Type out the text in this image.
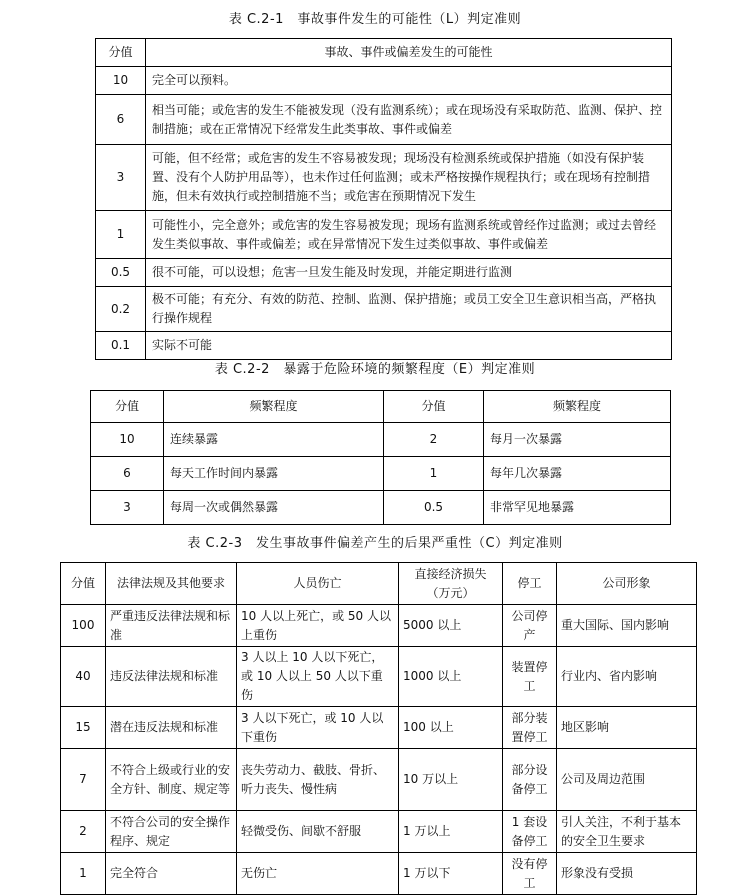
表 C.2-1　事故事件发生的可能性（L）判定准则
分值	事故、事件或偏差发生的可能性
10	完全可以预料。
6	相当可能；或危害的发生不能被发现（没有监测系统）；或在现场没有采取防范、监测、保护、控制措施；或在正常情况下经常发生此类事故、事件或偏差
3	可能，但不经常；或危害的发生不容易被发现；现场没有检测系统或保护措施（如没有保护装置、没有个人防护用品等），也未作过任何监测；或未严格按操作规程执行；或在现场有控制措施，但未有效执行或控制措施不当；或危害在预期情况下发生
1	可能性小，完全意外；或危害的发生容易被发现；现场有监测系统或曾经作过监测；或过去曾经发生类似事故、事件或偏差；或在异常情况下发生过类似事故、事件或偏差
0.5	很不可能，可以设想；危害一旦发生能及时发现，并能定期进行监测
0.2	极不可能；有充分、有效的防范、控制、监测、保护措施；或员工安全卫生意识相当高，严格执行操作规程
0.1	实际不可能
表 C.2-2　暴露于危险环境的频繁程度（E）判定准则
分值	频繁程度	分值	频繁程度
10	连续暴露	2	每月一次暴露
6	每天工作时间内暴露	1	每年几次暴露
3	每周一次或偶然暴露	0.5	非常罕见地暴露
表 C.2-3　发生事故事件偏差产生的后果严重性（C）判定准则
分值	法律法规及其他要求	人员伤亡	直接经济损失（万元）	停工	公司形象
100	严重违反法律法规和标准	10 人以上死亡，或 50 人以上重伤	5000 以上	公司停产	重大国际、国内影响
40	违反法律法规和标准	3 人以上 10 人以下死亡，或 10 人以上 50 人以下重伤	1000 以上	装置停工	行业内、省内影响
15	潜在违反法规和标准	3 人以下死亡，或 10 人以下重伤	100 以上	部分装置停工	地区影响
7	不符合上级或行业的安全方针、制度、规定等	丧失劳动力、截肢、骨折、听力丧失、慢性病	10 万以上	部分设备停工	公司及周边范围
2	不符合公司的安全操作程序、规定	轻微受伤、间歇不舒服	1 万以上	1 套设备停工	引人关注，不利于基本的安全卫生要求
1	完全符合	无伤亡	1 万以下	没有停工	形象没有受损
